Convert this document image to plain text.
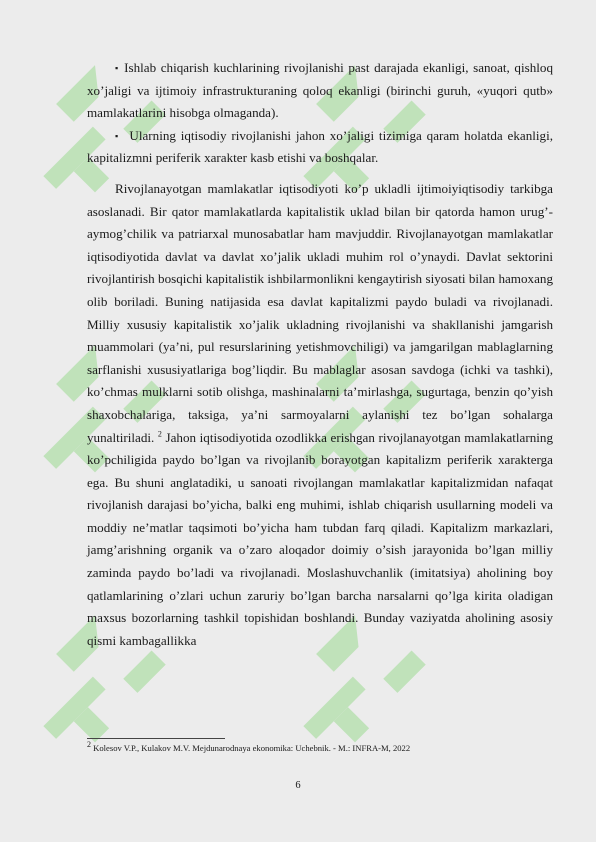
▪ Ishlab chiqarish kuchlarining rivojlanishi past darajada ekanligi, sanoat, qishloq xo’jaligi va ijtimoiy infrastrukturaning qoloq ekanligi (birinchi guruh, «yuqori qutb» mamlakatlarini hisobga olmaganda).

▪ Ularning iqtisodiy rivojlanishi jahon xo’jaligi tizimiga qaram holatda ekanligi, kapitalizmni periferik xarakter kasb etishi va boshqalar.

Rivojlanayotgan mamlakatlar iqtisodiyoti ko’p ukladli ijtimoiyiqtisodiy tarkibga asoslanadi. Bir qator mamlakatlarda kapitalistik uklad bilan bir qatorda hamon urug’-aymog’chilik va patriarxal munosabatlar ham mavjuddir. Rivojlanayotgan mamlakatlar iqtisodiyotida davlat va davlat xo’jalik ukladi muhim rol o’ynaydi. Davlat sektorini rivojlantirish bosqichi kapitalistik ishbilarmonlikni kengaytirish siyosati bilan hamoxang olib boriladi. Buning natijasida esa davlat kapitalizmi paydo buladi va rivojlanadi. Milliy xususiy kapitalistik xo’jalik ukladning rivojlanishi va shakllanishi jamgarish muammolari (ya’ni, pul resurslarining yetishmovchiligi) va jamgarilgan mablaglarning sarflanishi xususiyatlariga bog’liqdir. Bu mablaglar asosan savdoga (ichki va tashki), ko’chmas mulklarni sotib olishga, mashinalarni ta’mirlashga, sugurtaga, benzin qo’yish shaxobchalariga, taksiga, ya’ni sarmoyalarni aylanishi tez bo’lgan sohalarga yunaltiriladi. $^2$ Jahon iqtisodiyotida ozodlikka erishgan rivojlanayotgan mamlakatlarning ko’pchiligida paydo bo’lgan va rivojlanib borayotgan kapitalizm periferik xarakterga ega. Bu shuni anglatadiki, u sanoati rivojlangan mamlakatlar kapitalizmidan nafaqat rivojlanish darajasi bo’yicha, balki eng muhimi, ishlab chiqarish usullarning modeli va moddiy ne’matlar taqsimoti bo’yicha ham tubdan farq qiladi. Kapitalizm markazlari, jamg’arishning organik va o’zaro aloqador doimiy o’sish jarayonida bo’lgan milliy zaminda paydo bo’ladi va rivojlanadi. Moslashuvchanlik (imitatsiya) aholining boy qatlamlarining o’zlari uchun zaruriy bo’lgan barcha narsalarni qo’lga kirita oladigan maxsus bozorlarning tashkil topishidan boshlandi. Bunday vaziyatda aholining asosiy qismi kambagallikka

$^2$ Kolesov V.P., Kulakov M.V. Mejdunarodnaya ekonomika: Uchebnik. - M.: INFRA-M, 2022
6
